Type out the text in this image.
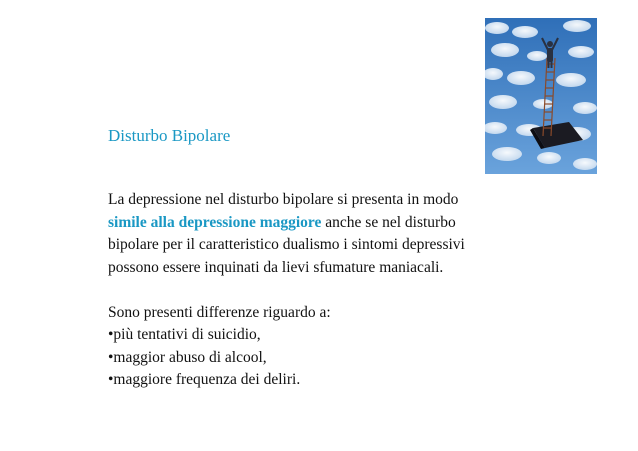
Disturbo Bipolare

La depressione nel disturbo bipolare si presenta in modo

simile alla depressione maggiore anche se nel disturbo

bipolare per il caratteristico dualismo i sintomi depressivi

possono essere inquinati da lievi sfumature maniacali.

Sono presenti differenze riguardo a:

•più tentativi di suicidio,
•maggior abuso di alcool,
•maggiore frequenza dei deliri.
